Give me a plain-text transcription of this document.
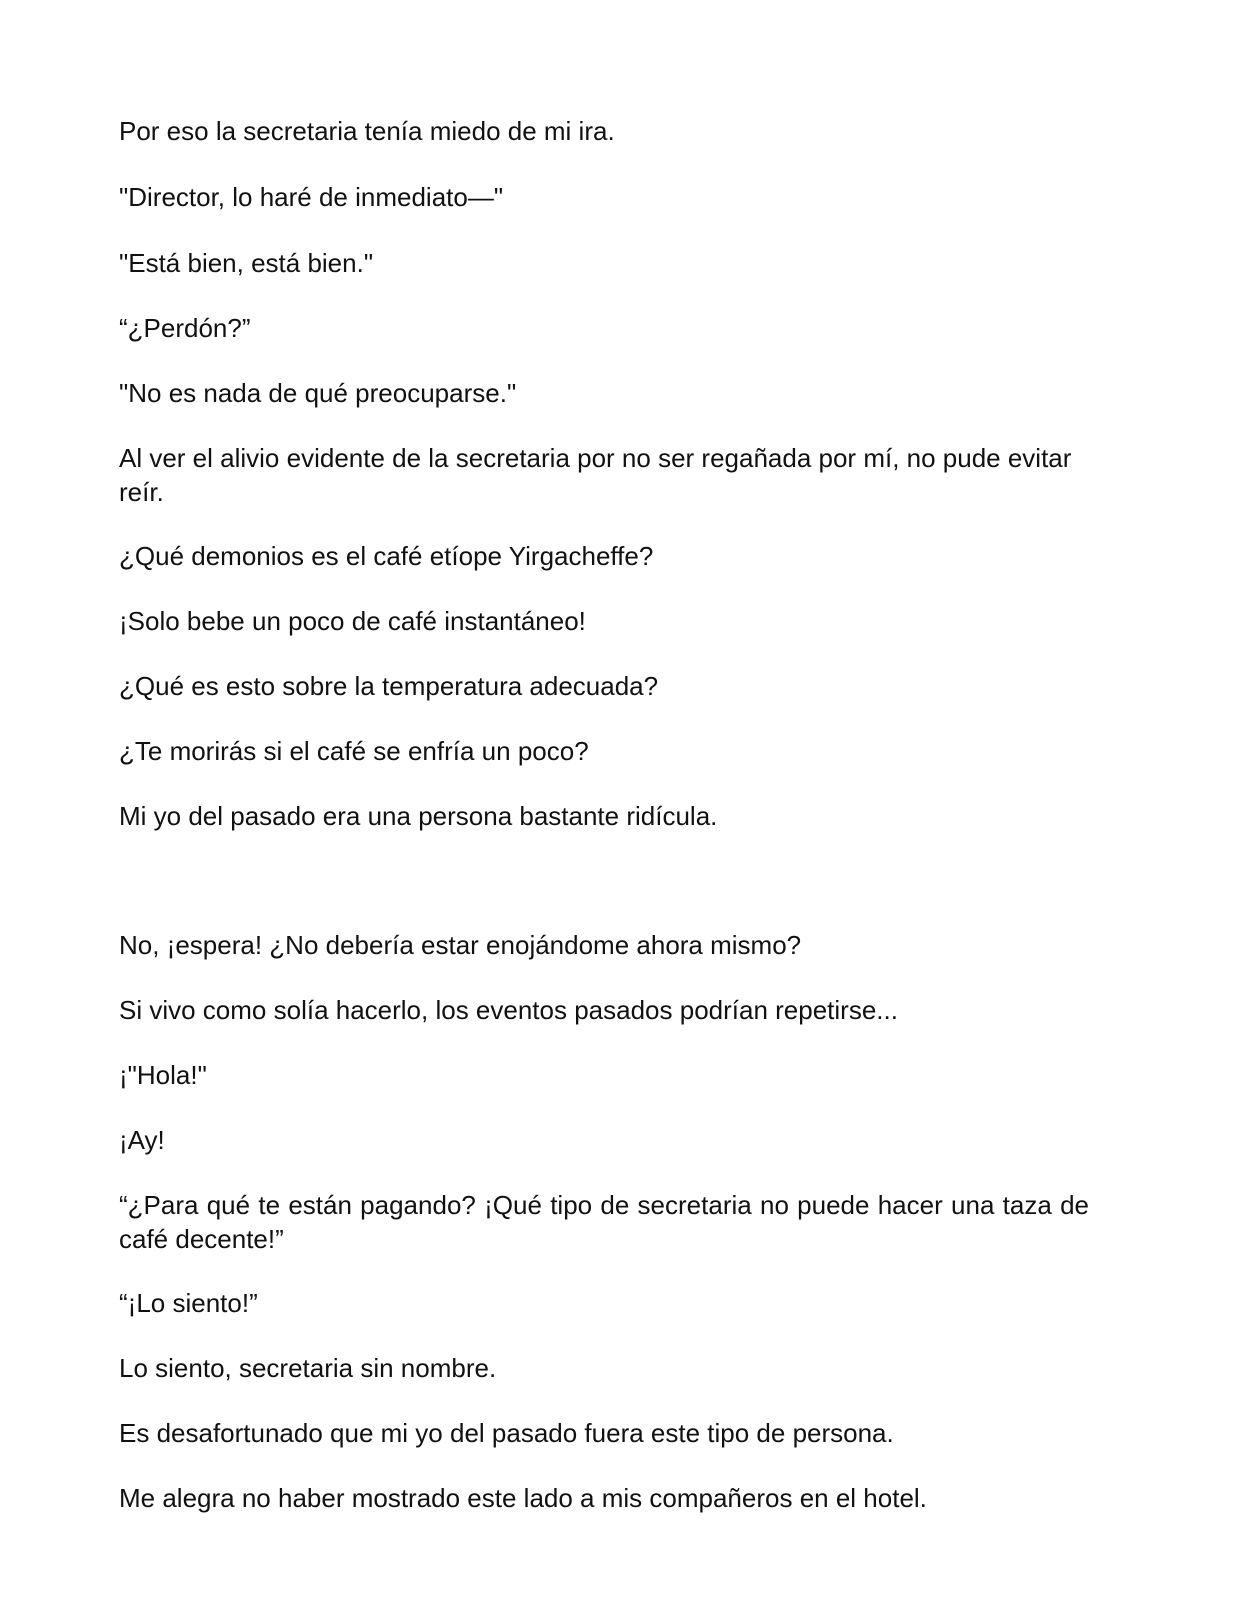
Por eso la secretaria tenía miedo de mi ira.

"Director, lo haré de inmediato—"

"Está bien, está bien."

“¿Perdón?”

"No es nada de qué preocuparse."

Al ver el alivio evidente de la secretaria por no ser regañada por mí, no pude evitar reír.

¿Qué demonios es el café etíope Yirgacheffe?

¡Solo bebe un poco de café instantáneo!

¿Qué es esto sobre la temperatura adecuada?

¿Te morirás si el café se enfría un poco?

Mi yo del pasado era una persona bastante ridícula.

No, ¡espera! ¿No debería estar enojándome ahora mismo?

Si vivo como solía hacerlo, los eventos pasados podrían repetirse...

¡"Hola!"

¡Ay!

“¿Para qué te están pagando? ¡Qué tipo de secretaria no puede hacer una taza de café decente!”

“¡Lo siento!”

Lo siento, secretaria sin nombre.

Es desafortunado que mi yo del pasado fuera este tipo de persona.

Me alegra no haber mostrado este lado a mis compañeros en el hotel.
